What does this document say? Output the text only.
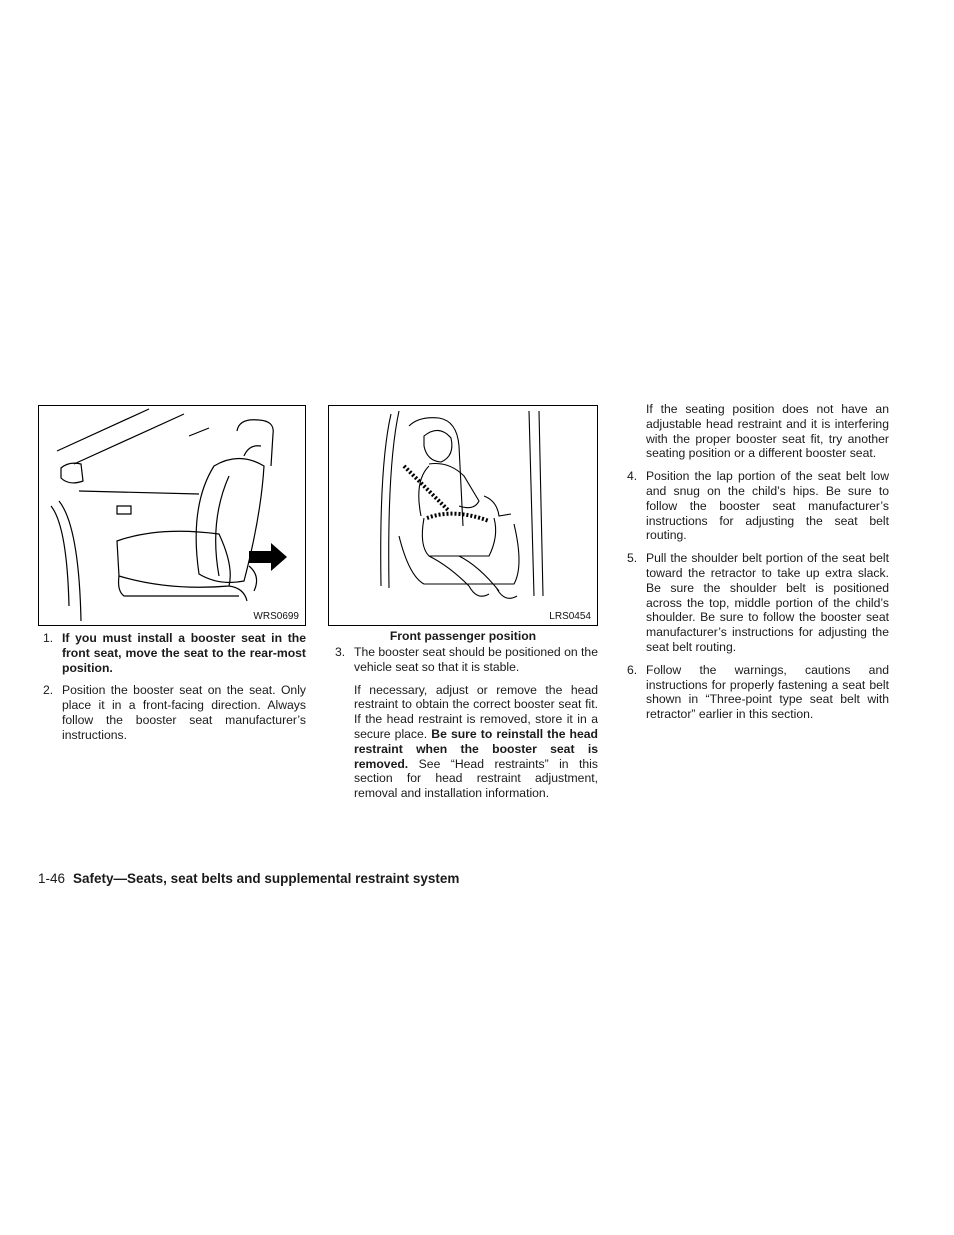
WRS0699	LRS0454
Front passenger position
1. If you must install a booster seat in the front seat, move the seat to the rear-most position.
2. Position the booster seat on the seat. Only place it in a front-facing direction. Always follow the booster seat manufacturer’s instructions.
3. The booster seat should be positioned on the vehicle seat so that it is stable.
If necessary, adjust or remove the head restraint to obtain the correct booster seat fit. If the head restraint is removed, store it in a secure place. Be sure to reinstall the head restraint when the booster seat is removed. See “Head restraints” in this section for head restraint adjustment, removal and installation information.
If the seating position does not have an adjustable head restraint and it is interfering with the proper booster seat fit, try another seating position or a different booster seat.
4. Position the lap portion of the seat belt low and snug on the child’s hips. Be sure to follow the booster seat manufacturer’s instructions for adjusting the seat belt routing.
5. Pull the shoulder belt portion of the seat belt toward the retractor to take up extra slack. Be sure the shoulder belt is positioned across the top, middle portion of the child’s shoulder. Be sure to follow the booster seat manufacturer’s instructions for adjusting the seat belt routing.
6. Follow the warnings, cautions and instructions for properly fastening a seat belt shown in “Three-point type seat belt with retractor” earlier in this section.
1-46 Safety—Seats, seat belts and supplemental restraint system
